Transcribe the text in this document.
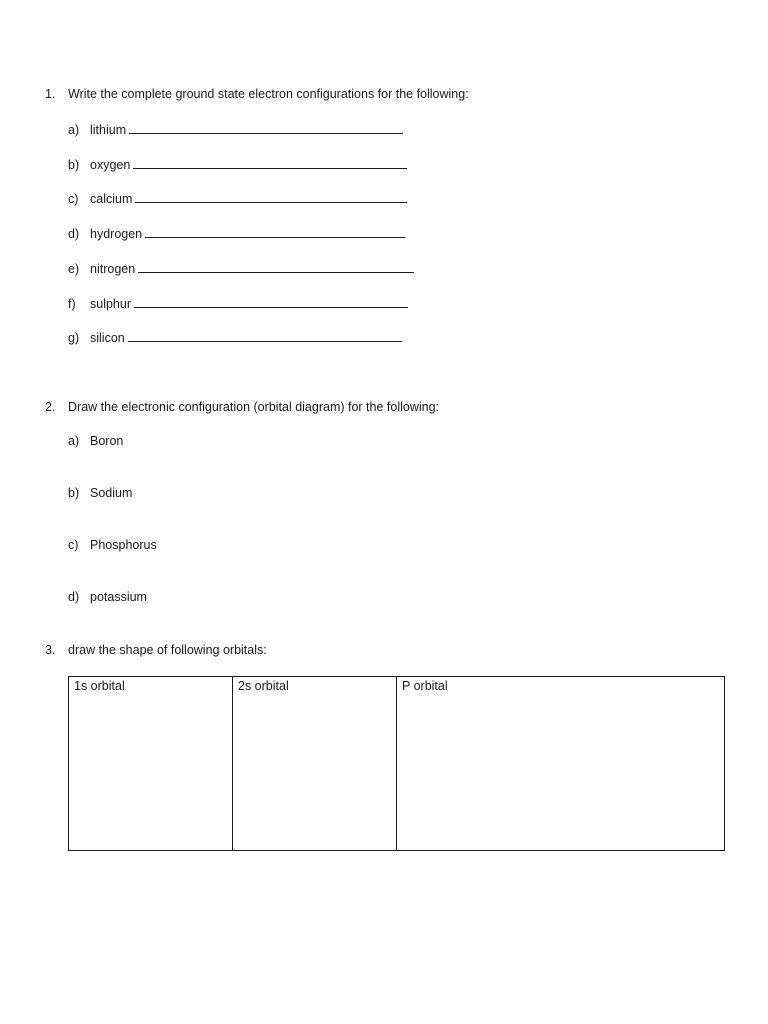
1. Write the complete ground state electron configurations for the following:
a) lithium
b) oxygen
c) calcium
d) hydrogen
e) nitrogen
f) sulphur
g) silicon
2. Draw the electronic configuration (orbital diagram) for the following:
a) Boron
b) Sodium
c) Phosphorus
d) potassium
3. draw the shape of following orbitals:
1s orbital	2s orbital	P orbital
